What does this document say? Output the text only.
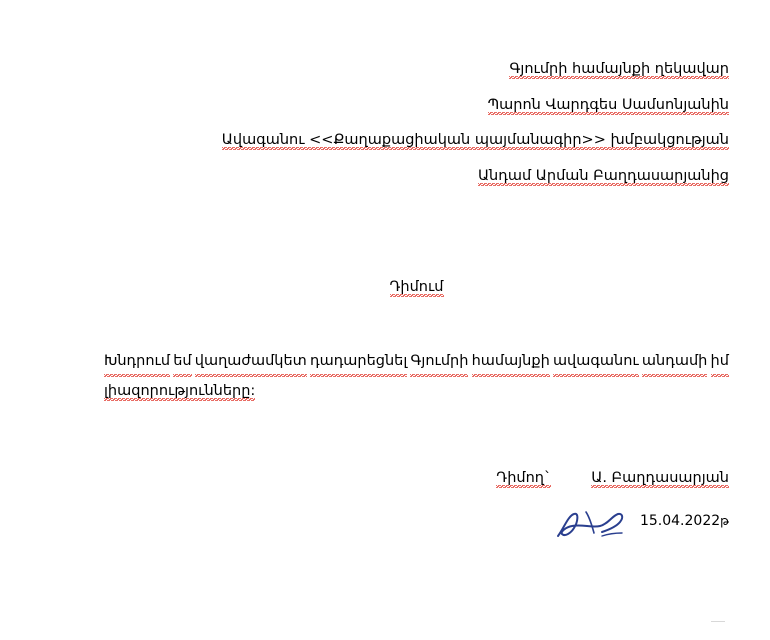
Գյումրի համայնքի ղեկավար
Պարոն Վարդգես Սամսոնյանին
Ավագանու <<Քաղաքացիական պայմանագիր>> խմբակցության
Անդամ Արման Բաղդասարյանից
Դիմում
Խնդրում եմ վաղաժամկետ դադարեցնել Գյումրի համայնքի ավագանու անդամի իմ
լիազորությունները:
Դիմող`	Ա. Բաղդասարյան
15.04.2022թ
